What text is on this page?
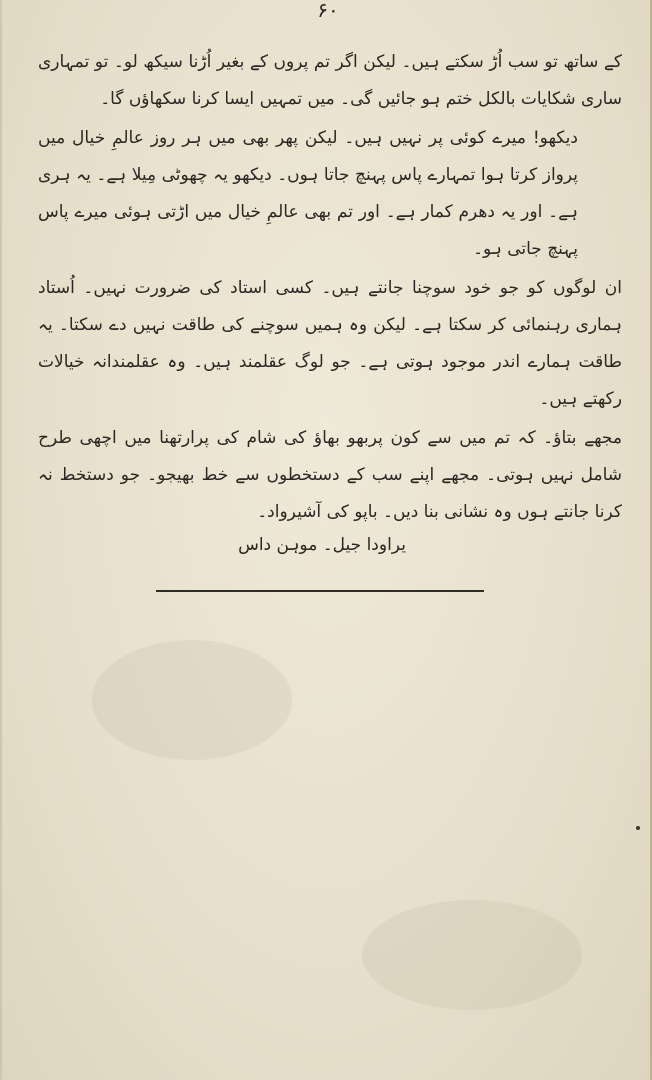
۶۰

کے ساتھ تو سب اُڑ سکتے ہیں۔ لیکن اگر تم پروں کے بغیر اُڑنا سیکھ لو۔ تو تمہاری ساری شکایات بالکل ختم ہو جائیں گی۔ میں تمہیں ایسا کرنا سکھاؤں گا۔

دیکھو! میرے کوئی پر نہیں ہیں۔ لیکن پھر بھی میں ہر روز عالمِ خیال میں پرواز کرتا ہوا تمہارے پاس پہنچ جاتا ہوں۔ دیکھو یہ چھوٹی مِیلا ہے۔ یہ ہری ہے۔ اور یہ دھرم کمار ہے۔ اور تم بھی عالمِ خیال میں اڑتی ہوئی میرے پاس پہنچ جاتی ہو۔

ان لوگوں کو جو خود سوچنا جانتے ہیں۔ کسی استاد کی ضرورت نہیں۔ اُستاد ہماری رہنمائی کر سکتا ہے۔ لیکن وہ ہمیں سوچنے کی طاقت نہیں دے سکتا۔ یہ طاقت ہمارے اندر موجود ہوتی ہے۔ جو لوگ عقلمند ہیں۔ وہ عقلمندانہ خیالات رکھتے ہیں۔

مجھے بتاؤ۔ کہ تم میں سے کون پربھو بھاؤ کی شام کی پرارتھنا میں اچھی طرح شامل نہیں ہوتی۔ مجھے اپنے سب کے دستخطوں سے خط بھیجو۔ جو دستخط نہ کرنا جانتے ہوں وہ نشانی بنا دیں۔ باپو کی آشیرواد۔

یراودا جیل۔ موہن داس
